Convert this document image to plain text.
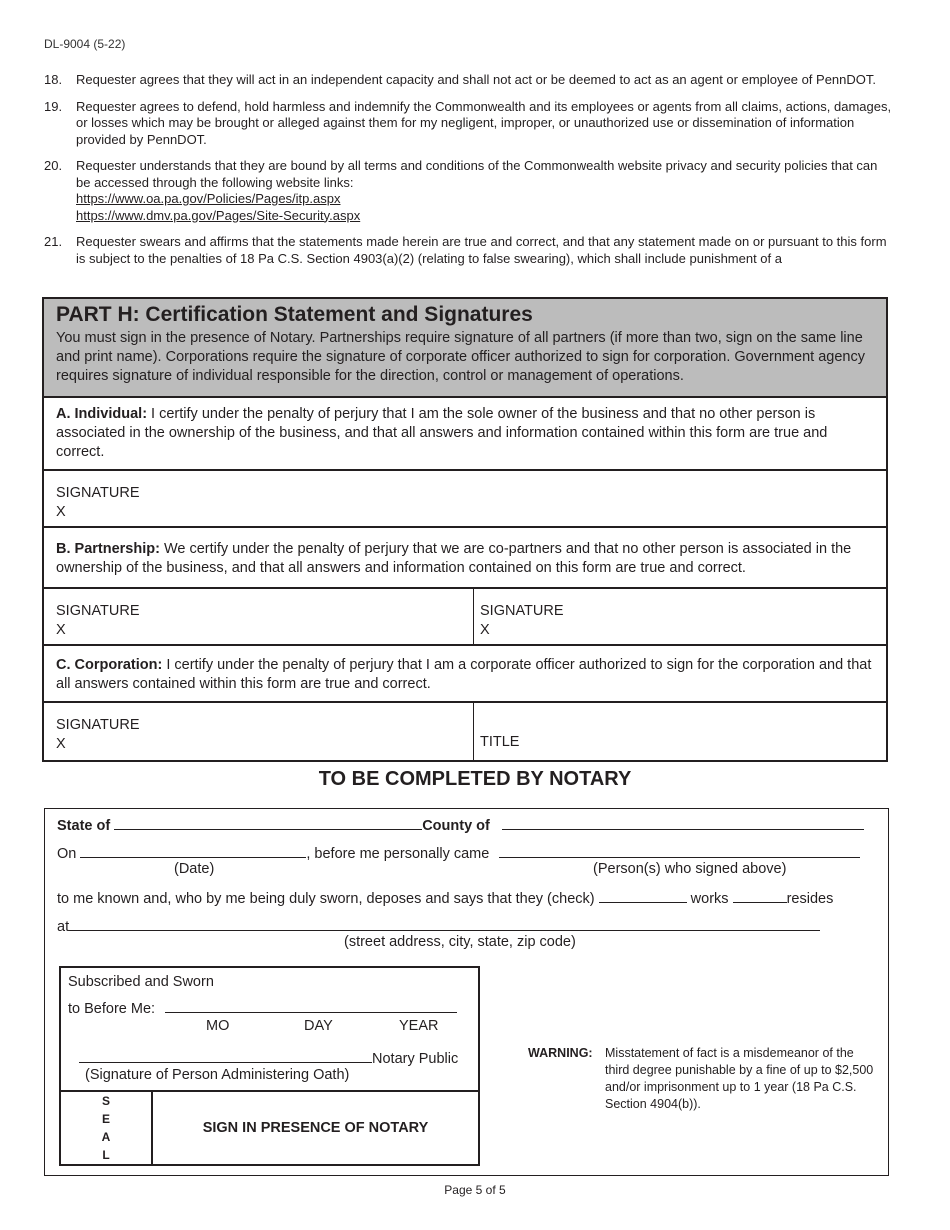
DL-9004 (5-22)
18.	Requester agrees that they will act in an independent capacity and shall not act or be deemed to act as an agent or employee of PennDOT.
19.	Requester agrees to defend, hold harmless and indemnify the Commonwealth and its employees or agents from all claims, actions, damages, or losses which may be brought or alleged against them for my negligent, improper, or unauthorized use or dissemination of information provided by PennDOT.
20.	Requester understands that they are bound by all terms and conditions of the Commonwealth website privacy and security policies that can be accessed through the following website links:
https://www.oa.pa.gov/Policies/Pages/itp.aspx
https://www.dmv.pa.gov/Pages/Site-Security.aspx
21.	Requester swears and affirms that the statements made herein are true and correct, and that any statement made on or pursuant to this form is subject to the penalties of 18 Pa C.S. Section 4903(a)(2) (relating to false swearing), which shall include punishment of a
PART H: Certification Statement and Signatures
You must sign in the presence of Notary. Partnerships require signature of all partners (if more than two, sign on the same line and print name). Corporations require the signature of corporate officer authorized to sign for corporation. Government agency requires signature of individual responsible for the direction, control or management of operations.
A. Individual: I certify under the penalty of perjury that I am the sole owner of the business and that no other person is associated in the ownership of the business, and that all answers and information contained within this form are true and correct.
SIGNATURE
X
B. Partnership: We certify under the penalty of perjury that we are co-partners and that no other person is associated in the ownership of the business, and that all answers and information contained on this form are true and correct.
SIGNATURE
X
SIGNATURE
X
C. Corporation: I certify under the penalty of perjury that I am a corporate officer authorized to sign for the corporation and that all answers contained within this form are true and correct.
SIGNATURE
X	TITLE
TO BE COMPLETED BY NOTARY
State of	County of
On	, before me personally came
(Date)	(Person(s) who signed above)
to me known and, who by me being duly sworn, deposes and says that they (check)	works	resides
at
(street address, city, state, zip code)
Subscribed and Sworn
to Before Me:
MO	DAY	YEAR
Notary Public
(Signature of Person Administering Oath)
S
E
A
L
SIGN IN PRESENCE OF NOTARY
WARNING: Misstatement of fact is a misdemeanor of the third degree punishable by a fine of up to $2,500 and/or imprisonment up to 1 year (18 Pa C.S. Section 4904(b)).
Page 5 of 5
